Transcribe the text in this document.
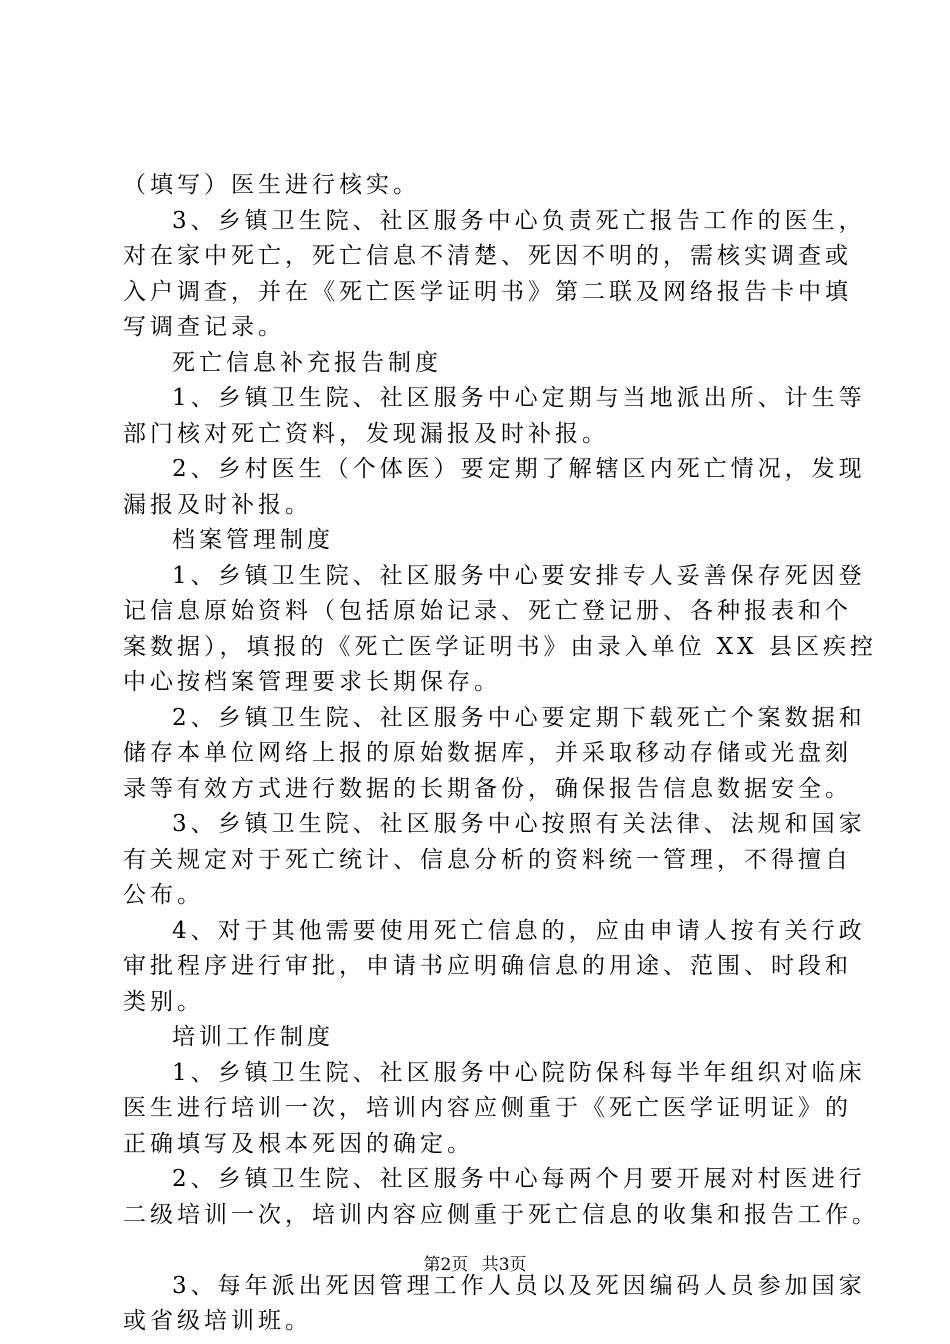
（填写）医生进行核实。
3、乡镇卫生院、社区服务中心负责死亡报告工作的医生，
对在家中死亡，死亡信息不清楚、死因不明的，需核实调查或
入户调查，并在《死亡医学证明书》第二联及网络报告卡中填
写调查记录。
死亡信息补充报告制度
1、乡镇卫生院、社区服务中心定期与当地派出所、计生等
部门核对死亡资料，发现漏报及时补报。
2、乡村医生（个体医）要定期了解辖区内死亡情况，发现
漏报及时补报。
档案管理制度
1、乡镇卫生院、社区服务中心要安排专人妥善保存死因登
记信息原始资料（包括原始记录、死亡登记册、各种报表和个
案数据），填报的《死亡医学证明书》由录入单位 XX 县区疾控
中心按档案管理要求长期保存。
2、乡镇卫生院、社区服务中心要定期下载死亡个案数据和
储存本单位网络上报的原始数据库，并采取移动存储或光盘刻
录等有效方式进行数据的长期备份，确保报告信息数据安全。
3、乡镇卫生院、社区服务中心按照有关法律、法规和国家
有关规定对于死亡统计、信息分析的资料统一管理，不得擅自
公布。
4、对于其他需要使用死亡信息的，应由申请人按有关行政
审批程序进行审批，申请书应明确信息的用途、范围、时段和
类别。
培训工作制度
1、乡镇卫生院、社区服务中心院防保科每半年组织对临床
医生进行培训一次，培训内容应侧重于《死亡医学证明证》的
正确填写及根本死因的确定。
2、乡镇卫生院、社区服务中心每两个月要开展对村医进行
二级培训一次，培训内容应侧重于死亡信息的收集和报告工作。
3、每年派出死因管理工作人员以及死因编码人员参加国家
或省级培训班。
第2页 共3页
